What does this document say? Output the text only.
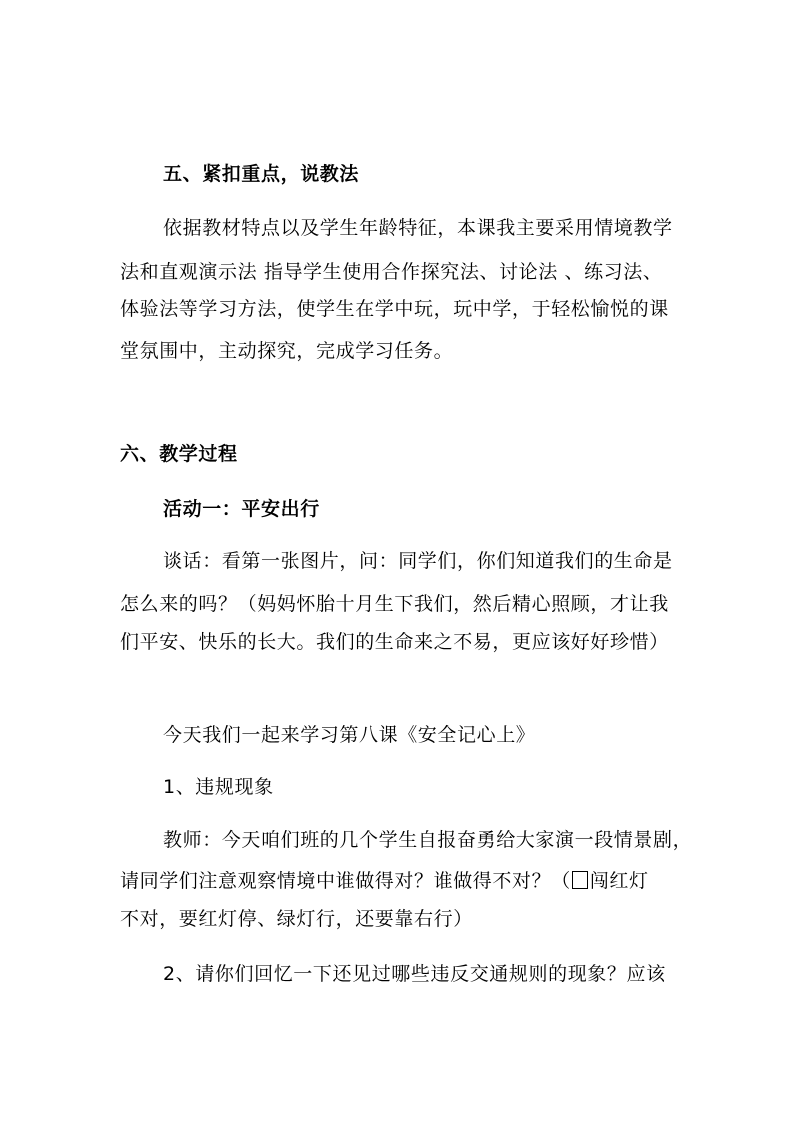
五、紧扣重点，说教法

依据教材特点以及学生年龄特征，本课我主要采用情境教学

法和直观演示法 指导学生使用合作探究法、讨论法 、练习法、

体验法等学习方法，使学生在学中玩，玩中学，于轻松愉悦的课

堂氛围中，主动探究，完成学习任务。

六、教学过程

活动一：平安出行

谈话：看第一张图片，问：同学们，你们知道我们的生命是

怎么来的吗？（妈妈怀胎十月生下我们，然后精心照顾，才让我

们平安、快乐的长大。我们的生命来之不易，更应该好好珍惜）

今天我们一起来学习第八课《安全记心上》

1、违规现象

教师：今天咱们班的几个学生自报奋勇给大家演一段情景剧，

请同学们注意观察情境中谁做得对？谁做得不对？（ 闯红灯

不对，要红灯停、绿灯行，还要靠右行）

2、请你们回忆一下还见过哪些违反交通规则的现象？应该
